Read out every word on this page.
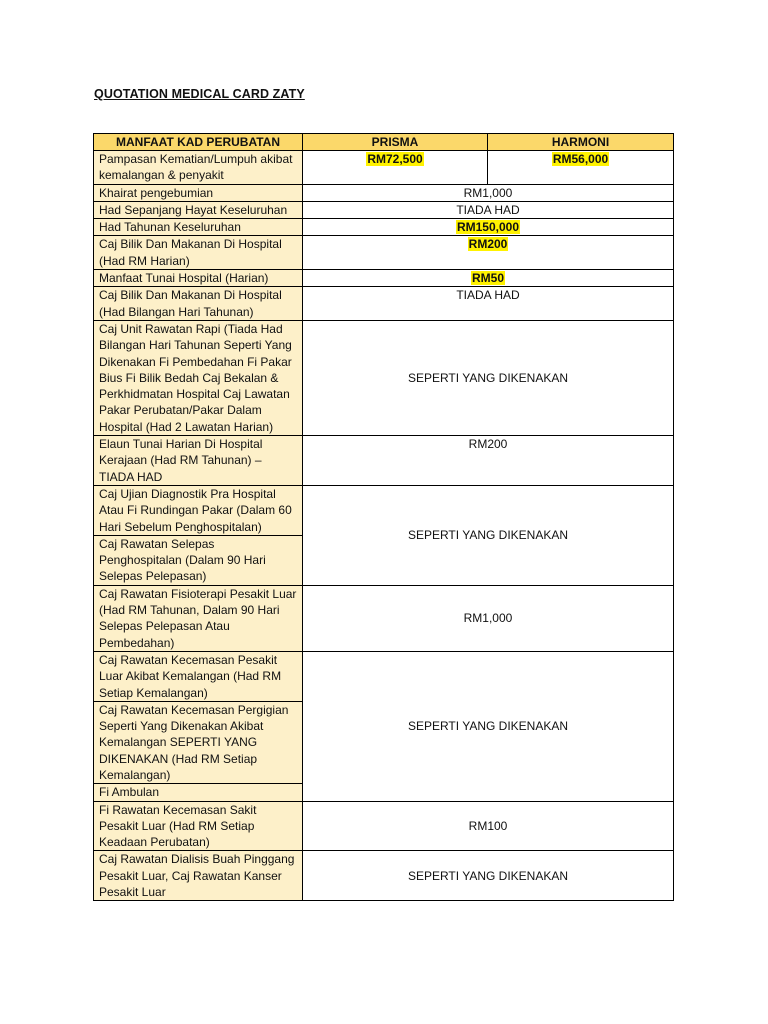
QUOTATION MEDICAL CARD ZATY
MANFAAT KAD PERUBATAN	PRISMA	HARMONI
Pampasan Kematian/Lumpuh akibat kemalangan & penyakit	RM72,500	RM56,000
Khairat pengebumian	RM1,000	
Had Sepanjang Hayat Keseluruhan	TIADA HAD	
Had Tahunan Keseluruhan	RM150,000	
Caj Bilik Dan Makanan Di Hospital (Had RM Harian)	RM200	
Manfaat Tunai Hospital (Harian)	RM50	
Caj Bilik Dan Makanan Di Hospital (Had Bilangan Hari Tahunan)	TIADA HAD	
Caj Unit Rawatan Rapi (Tiada Had Bilangan Hari Tahunan Seperti Yang Dikenakan Fi Pembedahan Fi Pakar Bius Fi Bilik Bedah Caj Bekalan & Perkhidmatan Hospital Caj Lawatan Pakar Perubatan/Pakar Dalam Hospital (Had 2 Lawatan Harian)	SEPERTI YANG DIKENAKAN	
Elaun Tunai Harian Di Hospital Kerajaan (Had RM Tahunan) – TIADA HAD	RM200	
Caj Ujian Diagnostik Pra Hospital Atau Fi Rundingan Pakar (Dalam 60 Hari Sebelum Penghospitalan)	SEPERTI YANG DIKENAKAN	
Caj Rawatan Selepas Penghospitalan (Dalam 90 Hari Selepas Pelepasan)		
Caj Rawatan Fisioterapi Pesakit Luar (Had RM Tahunan, Dalam 90 Hari Selepas Pelepasan Atau Pembedahan)	RM1,000	
Caj Rawatan Kecemasan Pesakit Luar Akibat Kemalangan (Had RM Setiap Kemalangan)	SEPERTI YANG DIKENAKAN	
Caj Rawatan Kecemasan Pergigian Seperti Yang Dikenakan Akibat Kemalangan SEPERTI YANG DIKENAKAN (Had RM Setiap Kemalangan)		
Fi Ambulan		
Fi Rawatan Kecemasan Sakit Pesakit Luar (Had RM Setiap Keadaan Perubatan)	RM100	
Caj Rawatan Dialisis Buah Pinggang Pesakit Luar, Caj Rawatan Kanser Pesakit Luar	SEPERTI YANG DIKENAKAN	
